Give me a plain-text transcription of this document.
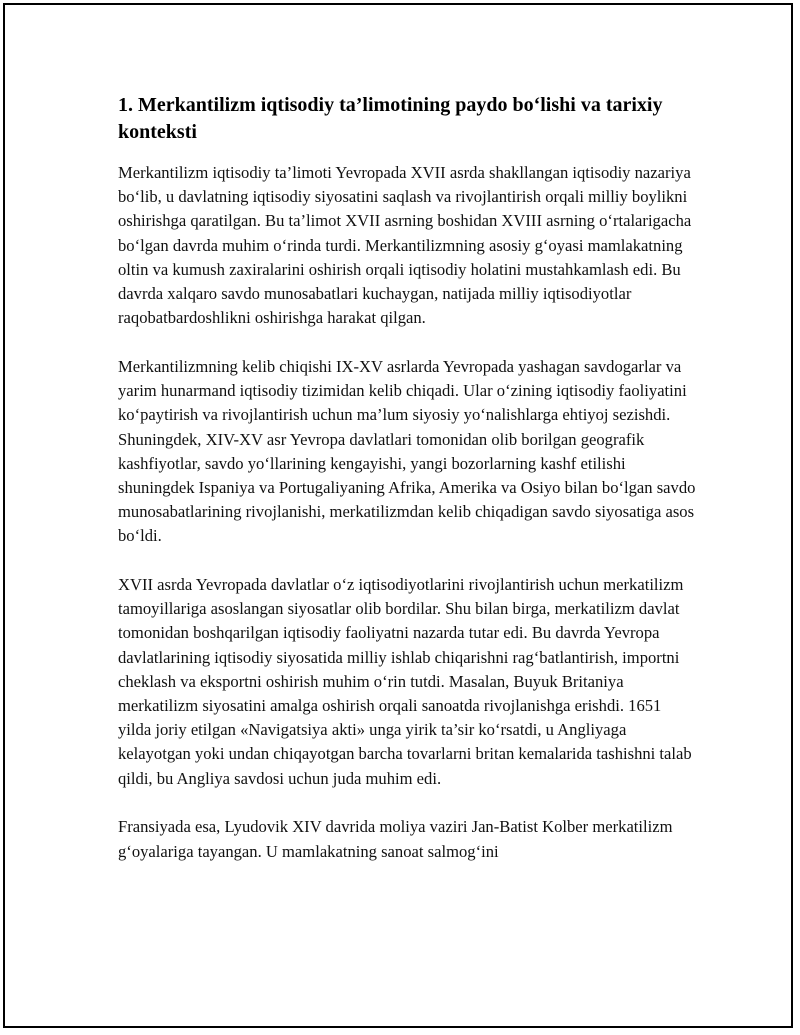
1. Merkantilizm iqtisodiy ta’limotining paydo bo‘lishi va tarixiy konteksti

Merkantilizm iqtisodiy ta’limoti Yevropada XVII asrda shakllangan iqtisodiy nazariya bo‘lib, u davlatning iqtisodiy siyosatini saqlash va rivojlantirish orqali milliy boylikni oshirishga qaratilgan. Bu ta’limot XVII asrning boshidan XVIII asrning o‘rtalarigacha bo‘lgan davrda muhim o‘rinda turdi. Merkantilizmning asosiy g‘oyasi mamlakatning oltin va kumush zaxiralarini oshirish orqali iqtisodiy holatini mustahkamlash edi. Bu davrda xalqaro savdo munosabatlari kuchaygan, natijada milliy iqtisodiyotlar raqobatbardoshlikni oshirishga harakat qilgan.

Merkantilizmning kelib chiqishi IX-XV asrlarda Yevropada yashagan savdogarlar va yarim hunarmand iqtisodiy tizimidan kelib chiqadi. Ular o‘zining iqtisodiy faoliyatini ko‘paytirish va rivojlantirish uchun ma’lum siyosiy yo‘nalishlarga ehtiyoj sezishdi. Shuningdek, XIV-XV asr Yevropa davlatlari tomonidan olib borilgan geografik kashfiyotlar, savdo yo‘llarining kengayishi, yangi bozorlarning kashf etilishi shuningdek Ispaniya va Portugaliyaning Afrika, Amerika va Osiyo bilan bo‘lgan savdo munosabatlarining rivojlanishi, merkatilizmdan kelib chiqadigan savdo siyosatiga asos bo‘ldi.

XVII asrda Yevropada davlatlar o‘z iqtisodiyotlarini rivojlantirish uchun merkatilizm tamoyillariga asoslangan siyosatlar olib bordilar. Shu bilan birga, merkatilizm davlat tomonidan boshqarilgan iqtisodiy faoliyatni nazarda tutar edi. Bu davrda Yevropa davlatlarining iqtisodiy siyosatida milliy ishlab chiqarishni rag‘batlantirish, importni cheklash va eksportni oshirish muhim o‘rin tutdi. Masalan, Buyuk Britaniya merkatilizm siyosatini amalga oshirish orqali sanoatda rivojlanishga erishdi. 1651 yilda joriy etilgan «Navigatsiya akti» unga yirik ta’sir ko‘rsatdi, u Angliyaga kelayotgan yoki undan chiqayotgan barcha tovarlarni britan kemalarida tashishni talab qildi, bu Angliya savdosi uchun juda muhim edi.

Fransiyada esa, Lyudovik XIV davrida moliya vaziri Jan-Batist Kolber merkatilizm g‘oyalariga tayangan. U mamlakatning sanoat salmog‘ini
